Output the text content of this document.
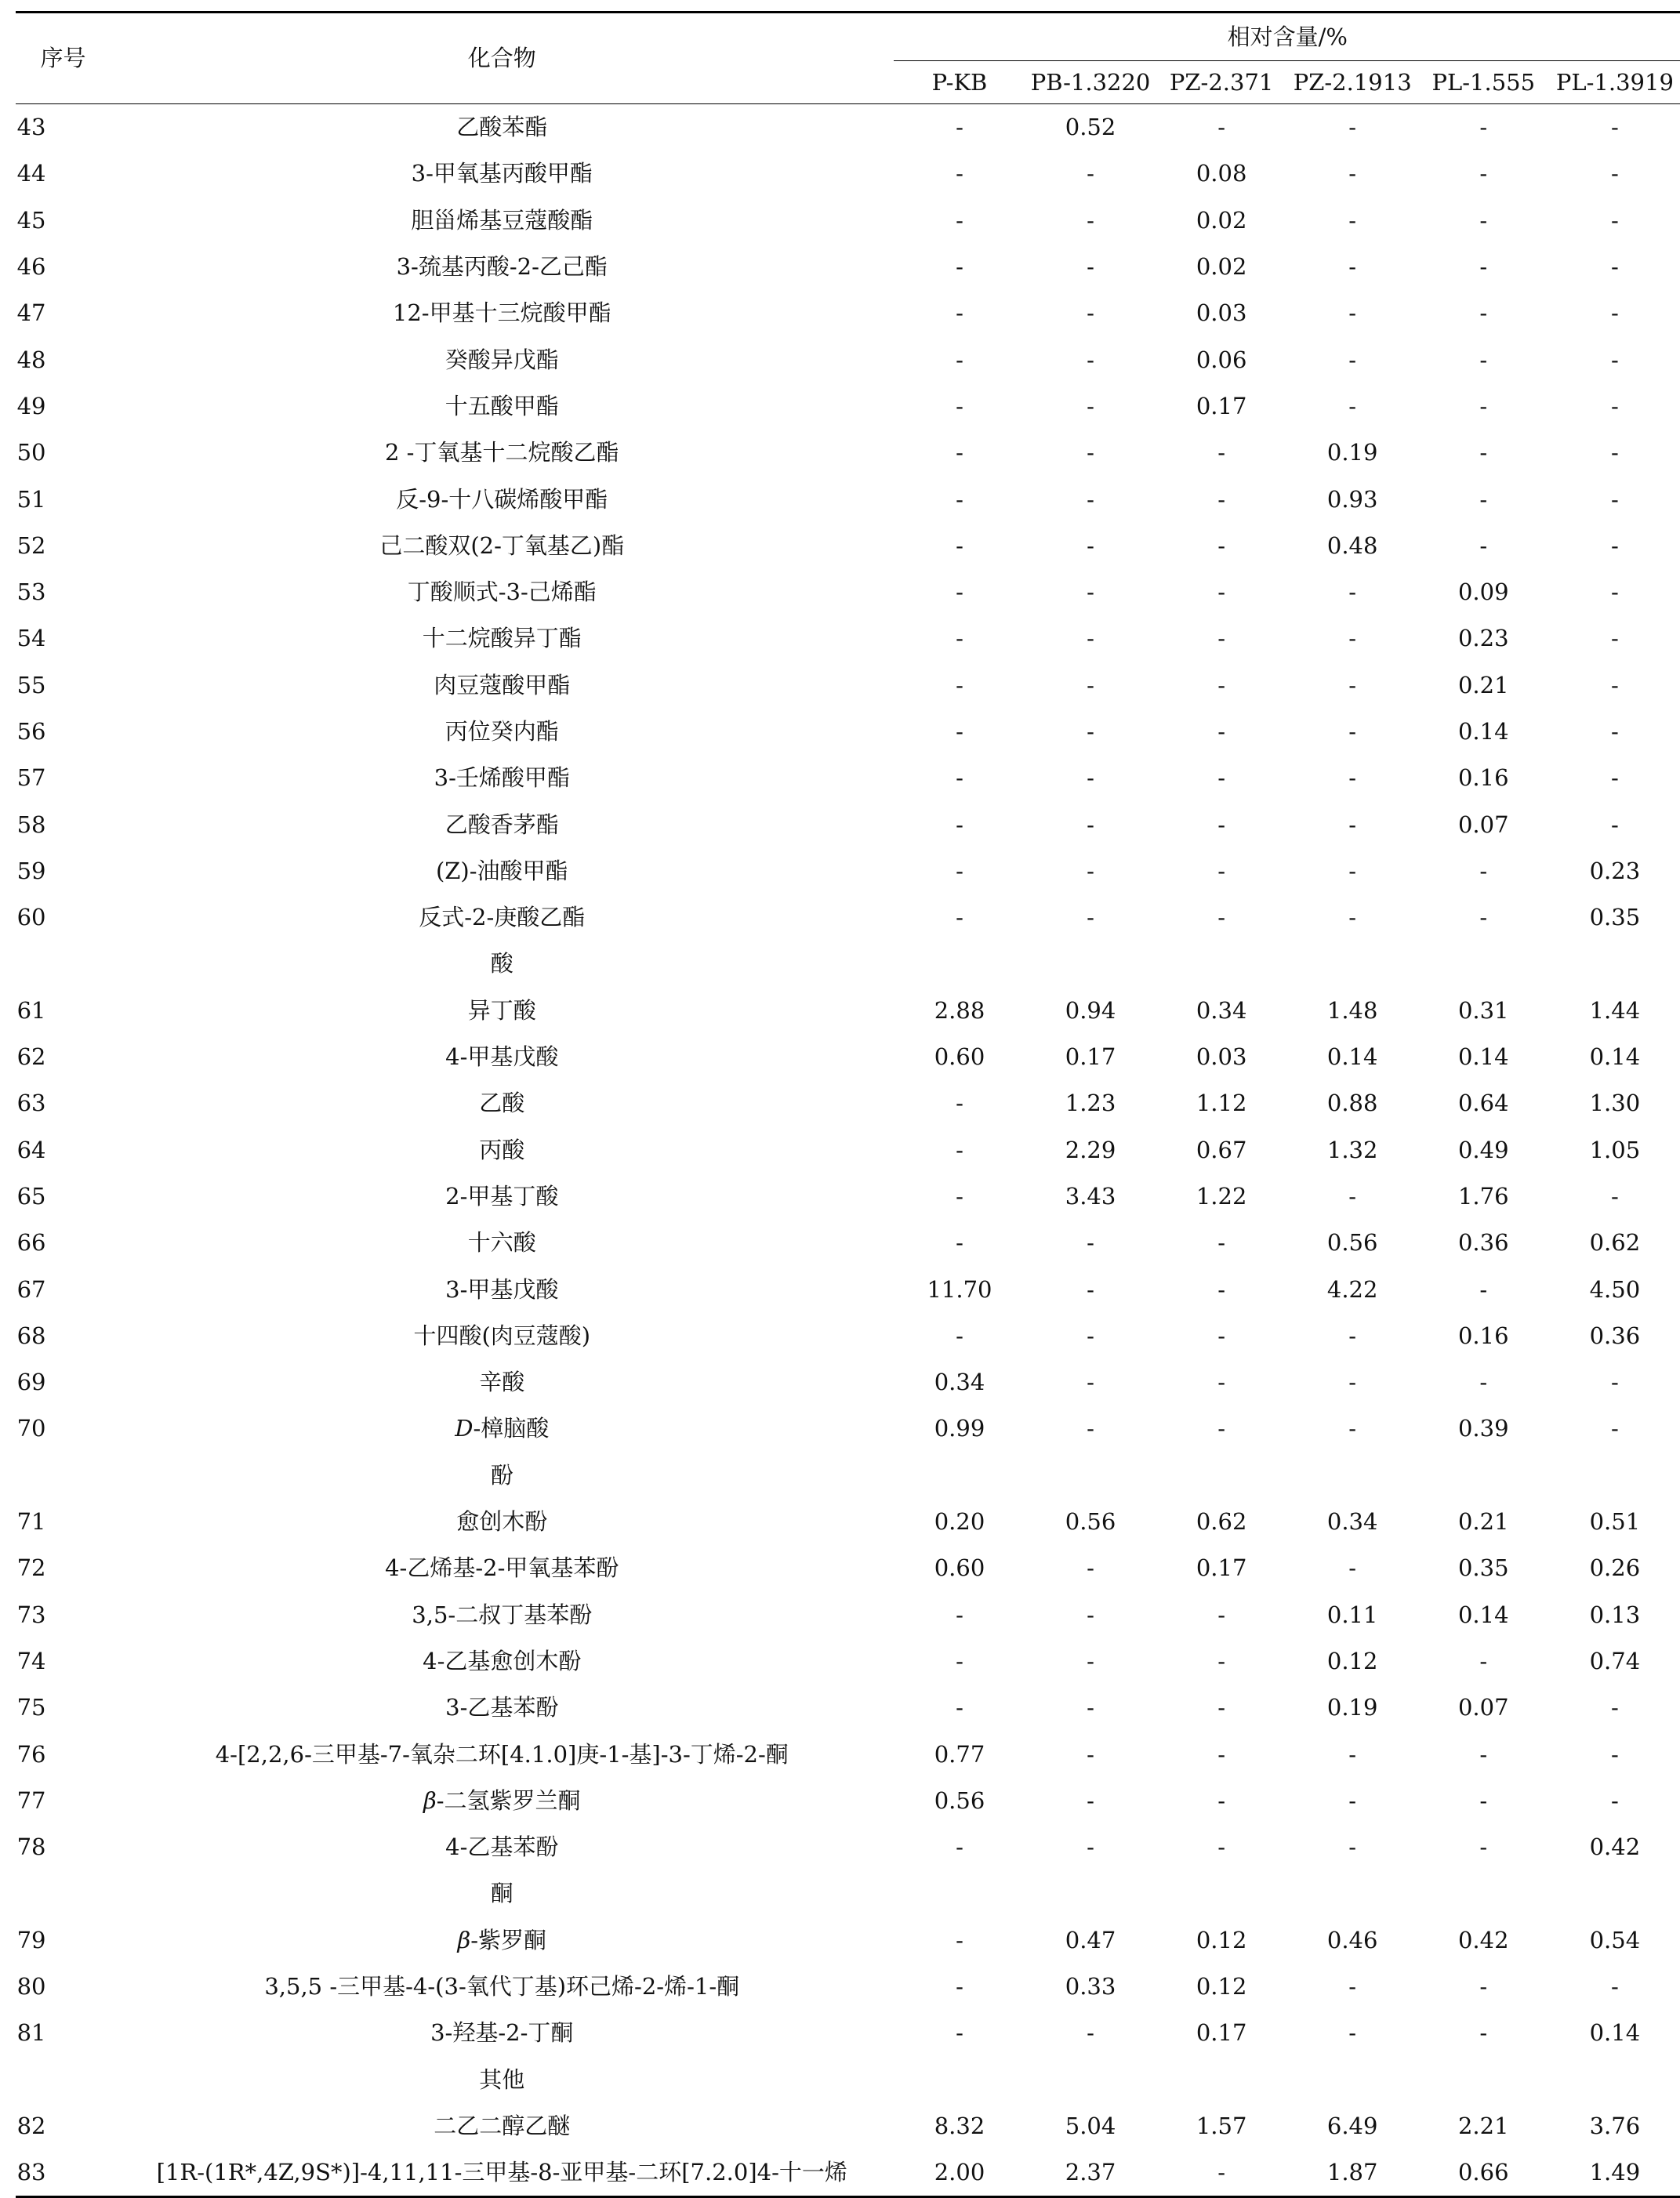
序号	化合物	相对含量/%					
		P-KB	PB-1.3220	PZ-2.371	PZ-2.1913	PL-1.555	PL-1.3919
43	乙酸苯酯	-	0.52	-	-	-	-
44	3-甲氧基丙酸甲酯	-	-	0.08	-	-	-
45	胆甾烯基豆蔻酸酯	-	-	0.02	-	-	-
46	3-巯基丙酸-2-乙己酯	-	-	0.02	-	-	-
47	12-甲基十三烷酸甲酯	-	-	0.03	-	-	-
48	癸酸异戊酯	-	-	0.06	-	-	-
49	十五酸甲酯	-	-	0.17	-	-	-
50	2 -丁氧基十二烷酸乙酯	-	-	-	0.19	-	-
51	反-9-十八碳烯酸甲酯	-	-	-	0.93	-	-
52	己二酸双(2-丁氧基乙)酯	-	-	-	0.48	-	-
53	丁酸顺式-3-己烯酯	-	-	-	-	0.09	-
54	十二烷酸异丁酯	-	-	-	-	0.23	-
55	肉豆蔻酸甲酯	-	-	-	-	0.21	-
56	丙位癸内酯	-	-	-	-	0.14	-
57	3-壬烯酸甲酯	-	-	-	-	0.16	-
58	乙酸香茅酯	-	-	-	-	0.07	-
59	(Z)-油酸甲酯	-	-	-	-	-	0.23
60	反式-2-庚酸乙酯	-	-	-	-	-	0.35
	酸						
61	异丁酸	2.88	0.94	0.34	1.48	0.31	1.44
62	4-甲基戊酸	0.60	0.17	0.03	0.14	0.14	0.14
63	乙酸	-	1.23	1.12	0.88	0.64	1.30
64	丙酸	-	2.29	0.67	1.32	0.49	1.05
65	2-甲基丁酸	-	3.43	1.22	-	1.76	-
66	十六酸	-	-	-	0.56	0.36	0.62
67	3-甲基戊酸	11.70	-	-	4.22	-	4.50
68	十四酸(肉豆蔻酸)	-	-	-	-	0.16	0.36
69	辛酸	0.34	-	-	-	-	-
70	D-樟脑酸	0.99	-	-	-	0.39	-
	酚						
71	愈创木酚	0.20	0.56	0.62	0.34	0.21	0.51
72	4-乙烯基-2-甲氧基苯酚	0.60	-	0.17	-	0.35	0.26
73	3,5-二叔丁基苯酚	-	-	-	0.11	0.14	0.13
74	4-乙基愈创木酚	-	-	-	0.12	-	0.74
75	3-乙基苯酚	-	-	-	0.19	0.07	-
76	4-[2,2,6-三甲基-7-氧杂二环[4.1.0]庚-1-基]-3-丁烯-2-酮	0.77	-	-	-	-	-
77	β-二氢紫罗兰酮	0.56	-	-	-	-	-
78	4-乙基苯酚	-	-	-	-	-	0.42
	酮						
79	β-紫罗酮	-	0.47	0.12	0.46	0.42	0.54
80	3,5,5 -三甲基-4-(3-氧代丁基)环己烯-2-烯-1-酮	-	0.33	0.12	-	-	-
81	3-羟基-2-丁酮	-	-	0.17	-	-	0.14
	其他						
82	二乙二醇乙醚	8.32	5.04	1.57	6.49	2.21	3.76
83	[1R-(1R*,4Z,9S*)]-4,11,11-三甲基-8-亚甲基-二环[7.2.0]4-十一烯	2.00	2.37	-	1.87	0.66	1.49
